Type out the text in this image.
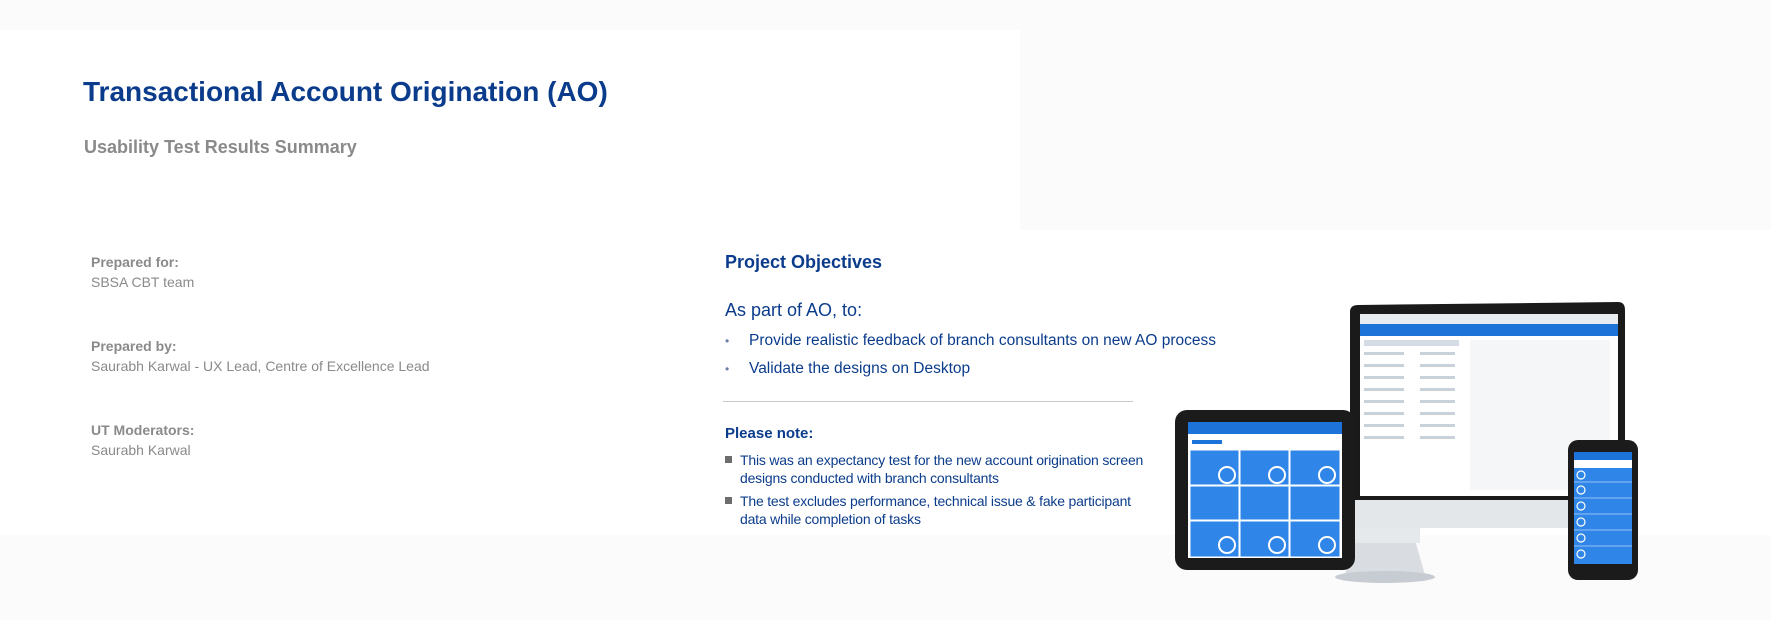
Transactional Account Origination (AO)
Usability Test Results Summary
Prepared for:
SBSA CBT team
Prepared by:
Saurabh Karwal - UX Lead, Centre of Excellence Lead
UT Moderators:
Saurabh Karwal
Project Objectives
As part of AO, to:
• Provide realistic feedback of branch consultants on new AO process
• Validate the designs on Desktop
Please note:
This was an expectancy test for the new account origination screen designs conducted with branch consultants
The test excludes performance, technical issue & fake participant data while completion of tasks
